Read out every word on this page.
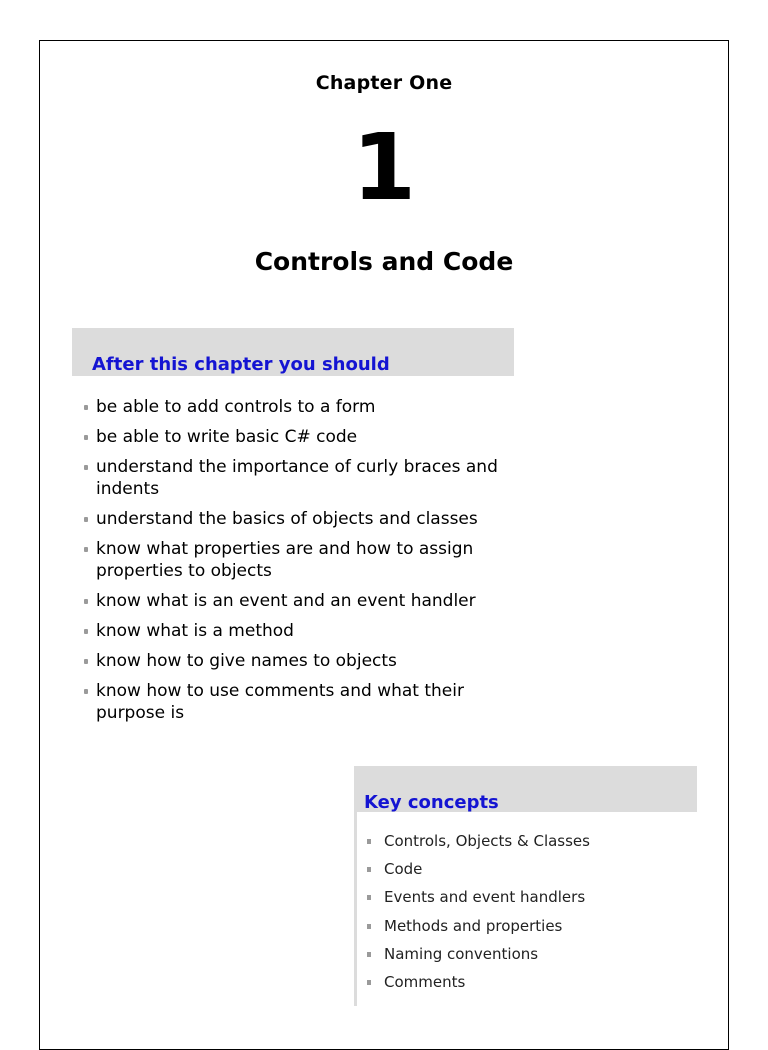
Chapter One
1
Controls and Code
After this chapter you should
be able to add controls to a form
be able to write basic C# code
understand the importance of curly braces and indents
understand the basics of objects and classes
know what properties are and how to assign properties to objects
know what is an event and an event handler
know what is a method
know how to give names to objects
know how to use comments and what their purpose is
Key concepts
Controls, Objects & Classes
Code
Events and event handlers
Methods and properties
Naming conventions
Comments
